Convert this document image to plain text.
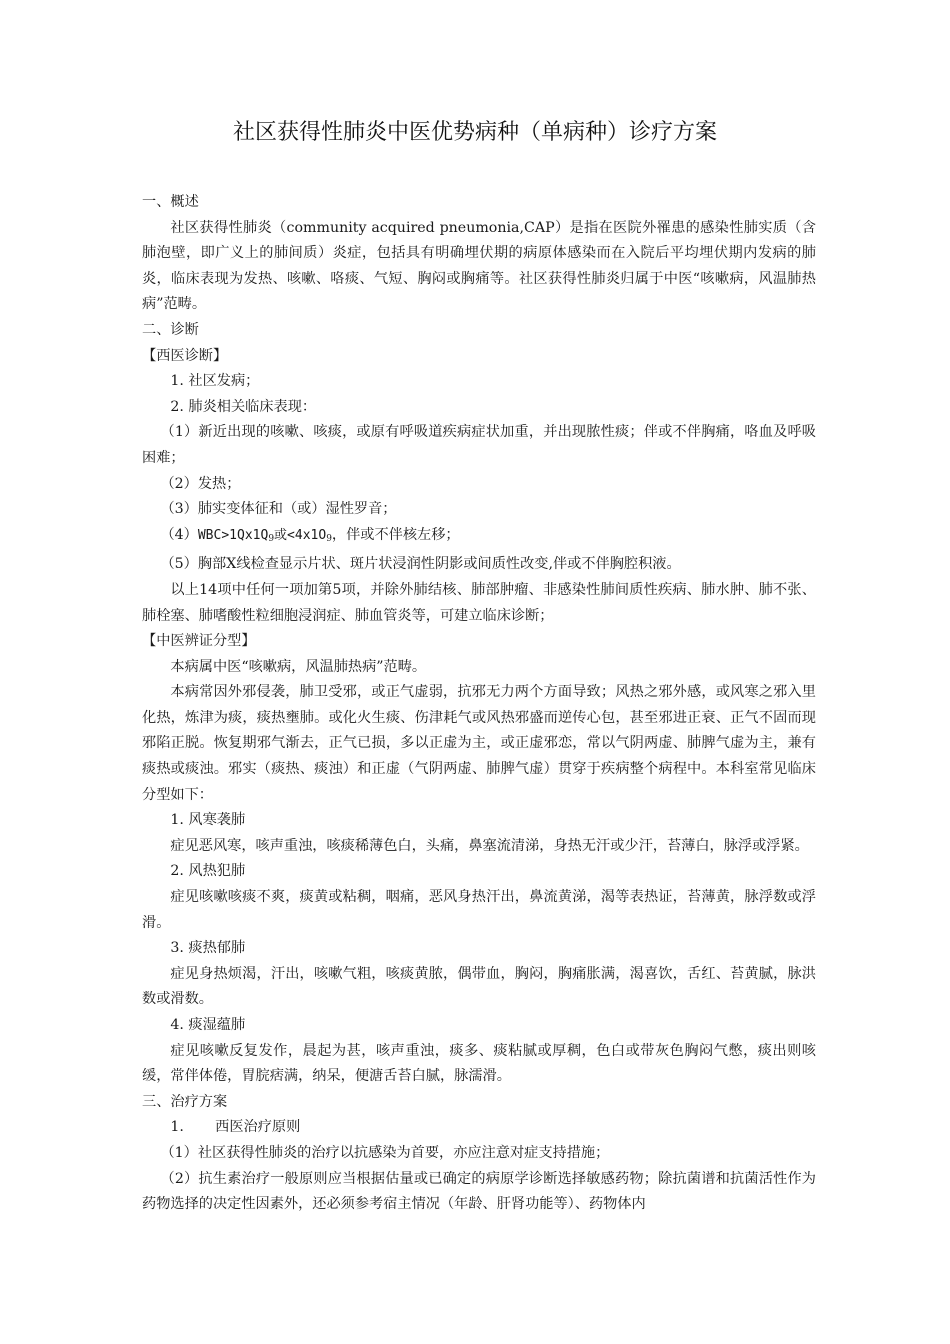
社区获得性肺炎中医优势病种（单病种）诊疗方案

一、概述

社区获得性肺炎（community acquired pneumonia,CAP）是指在医院外罹患的感染性肺实质（含肺泡壁，即广义上的肺间质）炎症，包括具有明确埋伏期的病原体感染而在入院后平均埋伏期内发病的肺炎，临床表现为发热、咳嗽、咯痰、气短、胸闷或胸痛等。社区获得性肺炎归属于中医“咳嗽病，风温肺热病”范畴。

二、诊断

【西医诊断】

1. 社区发病；

2. 肺炎相关临床表现：

（1）新近出现的咳嗽、咳痰，或原有呼吸道疾病症状加重，并出现脓性痰；伴或不伴胸痛，咯血及呼吸困难；

（2）发热；

（3）肺实变体征和（或）湿性罗音；

$(4)WBC>1Qx1Q_9$或$<4x1O_9$，伴或不伴核左移；

（5）胸部X线检查显示片状、斑片状浸润性阴影或间质性改变,伴或不伴胸腔积液。

以上14项中任何一项加第5项，并除外肺结核、肺部肿瘤、非感染性肺间质性疾病、肺水肿、肺不张、肺栓塞、肺嗜酸性粒细胞浸润症、肺血管炎等，可建立临床诊断；

【中医辨证分型】

本病属中医“咳嗽病，风温肺热病”范畴。

本病常因外邪侵袭，肺卫受邪，或正气虚弱，抗邪无力两个方面导致；风热之邪外感，或风寒之邪入里化热，炼津为痰，痰热壅肺。或化火生痰、伤津耗气或风热邪盛而逆传心包，甚至邪进正衰、正气不固而现邪陷正脱。恢复期邪气渐去，正气已损，多以正虚为主，或正虚邪恋，常以气阴两虚、肺脾气虚为主，兼有痰热或痰浊。邪实（痰热、痰浊）和正虚（气阴两虚、肺脾气虚）贯穿于疾病整个病程中。本科室常见临床分型如下：

1. 风寒袭肺

症见恶风寒，咳声重浊，咳痰稀薄色白，头痛，鼻塞流清涕，身热无汗或少汗，苔薄白，脉浮或浮紧。

2. 风热犯肺

症见咳嗽咳痰不爽，痰黄或粘稠，咽痛，恶风身热汗出，鼻流黄涕，渴等表热证，苔薄黄，脉浮数或浮滑。

3. 痰热郁肺

症见身热烦渴，汗出，咳嗽气粗，咳痰黄脓，偶带血，胸闷，胸痛胀满，渴喜饮，舌红、苔黄腻，脉洪数或滑数。

4. 痰湿蕴肺

症见咳嗽反复发作，晨起为甚，咳声重浊，痰多、痰粘腻或厚稠，色白或带灰色胸闷气憋，痰出则咳缓，常伴体倦，胃脘痞满，纳呆，便溏舌苔白腻，脉濡滑。

三、治疗方案

1. 西医治疗原则

（1）社区获得性肺炎的治疗以抗感染为首要，亦应注意对症支持措施；

（2）抗生素治疗一般原则应当根据估量或已确定的病原学诊断选择敏感药物；除抗菌谱和抗菌活性作为药物选择的决定性因素外，还必须参考宿主情况（年龄、肝肾功能等）、药物体内
